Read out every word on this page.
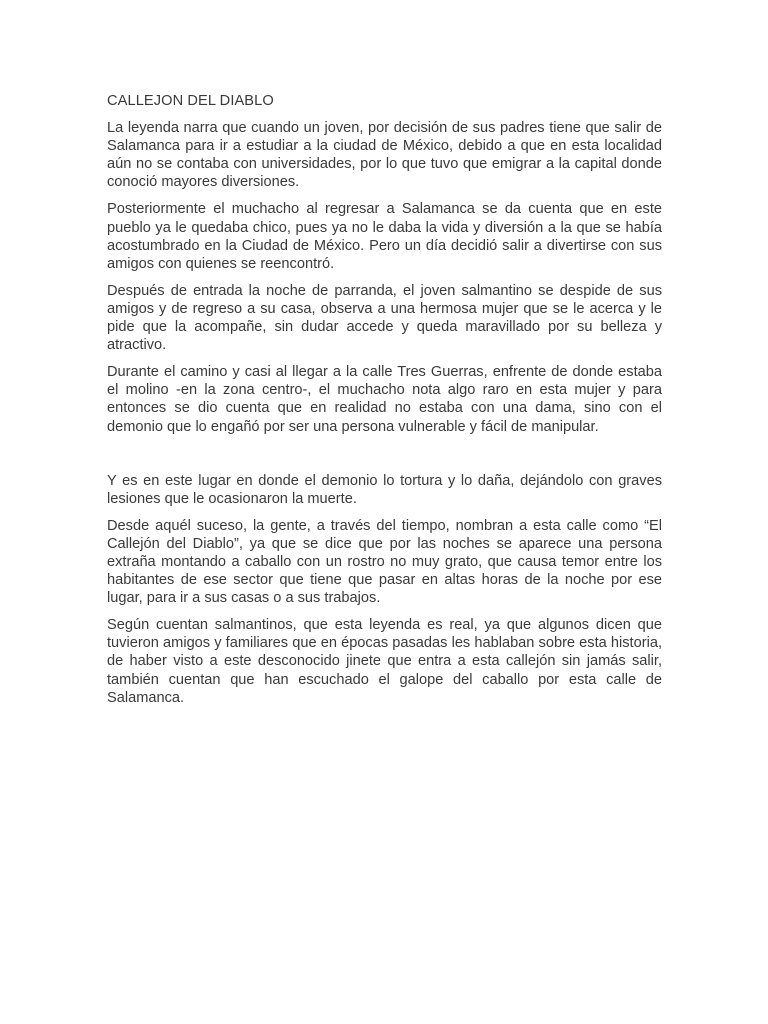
CALLEJON DEL DIABLO

La leyenda narra que cuando un joven, por decisión de sus padres tiene que salir de Salamanca para ir a estudiar a la ciudad de México, debido a que en esta localidad aún no se contaba con universidades, por lo que tuvo que emigrar a la capital donde conoció mayores diversiones.

Posteriormente el muchacho al regresar a Salamanca se da cuenta que en este pueblo ya le quedaba chico, pues ya no le daba la vida y diversión a la que se había acostumbrado en la Ciudad de México. Pero un día decidió salir a divertirse con sus amigos con quienes se reencontró.

Después de entrada la noche de parranda, el joven salmantino se despide de sus amigos y de regreso a su casa, observa a una hermosa mujer que se le acerca y le pide que la acompañe, sin dudar accede y queda maravillado por su belleza y atractivo.

Durante el camino y casi al llegar a la calle Tres Guerras, enfrente de donde estaba el molino -en la zona centro-, el muchacho nota algo raro en esta mujer y para entonces se dio cuenta que en realidad no estaba con una dama, sino con el demonio que lo engañó por ser una persona vulnerable y fácil de manipular.

Y es en este lugar en donde el demonio lo tortura y lo daña, dejándolo con graves lesiones que le ocasionaron la muerte.

Desde aquél suceso, la gente, a través del tiempo, nombran a esta calle como “El Callejón del Diablo”, ya que se dice que por las noches se aparece una persona extraña montando a caballo con un rostro no muy grato, que causa temor entre los habitantes de ese sector que tiene que pasar en altas horas de la noche por ese lugar, para ir a sus casas o a sus trabajos.

Según cuentan salmantinos, que esta leyenda es real, ya que algunos dicen que tuvieron amigos y familiares que en épocas pasadas les hablaban sobre esta historia, de haber visto a este desconocido jinete que entra a esta callejón sin jamás salir, también cuentan que han escuchado el galope del caballo por esta calle de Salamanca.
